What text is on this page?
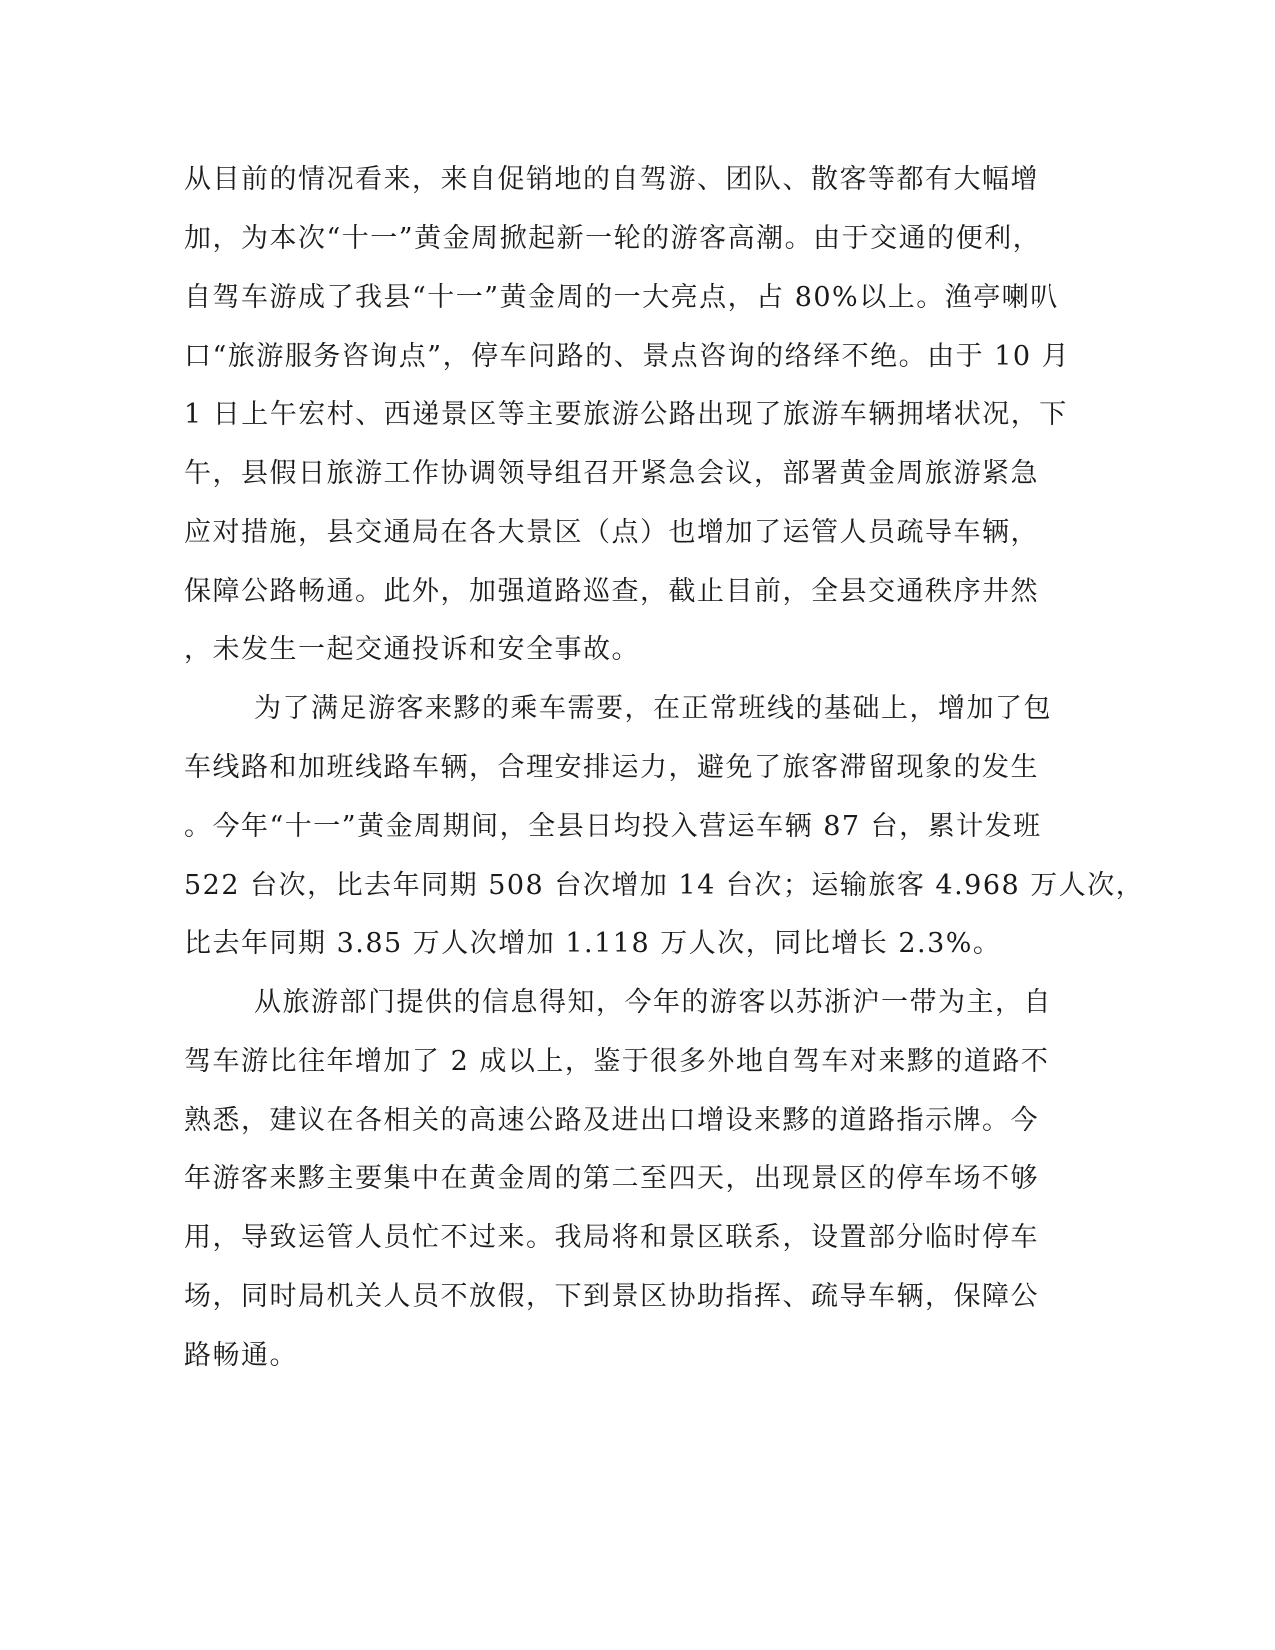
从目前的情况看来，来自促销地的自驾游、团队、散客等都有大幅增
加，为本次“十一”黄金周掀起新一轮的游客高潮。由于交通的便利，
自驾车游成了我县“十一”黄金周的一大亮点，占 80%以上。渔亭喇叭
口“旅游服务咨询点”，停车问路的、景点咨询的络绎不绝。由于 10 月
1 日上午宏村、西递景区等主要旅游公路出现了旅游车辆拥堵状况，下
午，县假日旅游工作协调领导组召开紧急会议，部署黄金周旅游紧急
应对措施，县交通局在各大景区（点）也增加了运管人员疏导车辆，
保障公路畅通。此外，加强道路巡查，截止目前，全县交通秩序井然
，未发生一起交通投诉和安全事故。
为了满足游客来黟的乘车需要，在正常班线的基础上，增加了包
车线路和加班线路车辆，合理安排运力，避免了旅客滞留现象的发生
。今年“十一”黄金周期间，全县日均投入营运车辆 87 台，累计发班
522 台次，比去年同期 508 台次增加 14 台次；运输旅客 4.968 万人次，
比去年同期 3.85 万人次增加 1.118 万人次，同比增长 2.3%。
从旅游部门提供的信息得知，今年的游客以苏浙沪一带为主，自
驾车游比往年增加了 2 成以上，鉴于很多外地自驾车对来黟的道路不
熟悉，建议在各相关的高速公路及进出口增设来黟的道路指示牌。今
年游客来黟主要集中在黄金周的第二至四天，出现景区的停车场不够
用，导致运管人员忙不过来。我局将和景区联系，设置部分临时停车
场，同时局机关人员不放假，下到景区协助指挥、疏导车辆，保障公
路畅通。
